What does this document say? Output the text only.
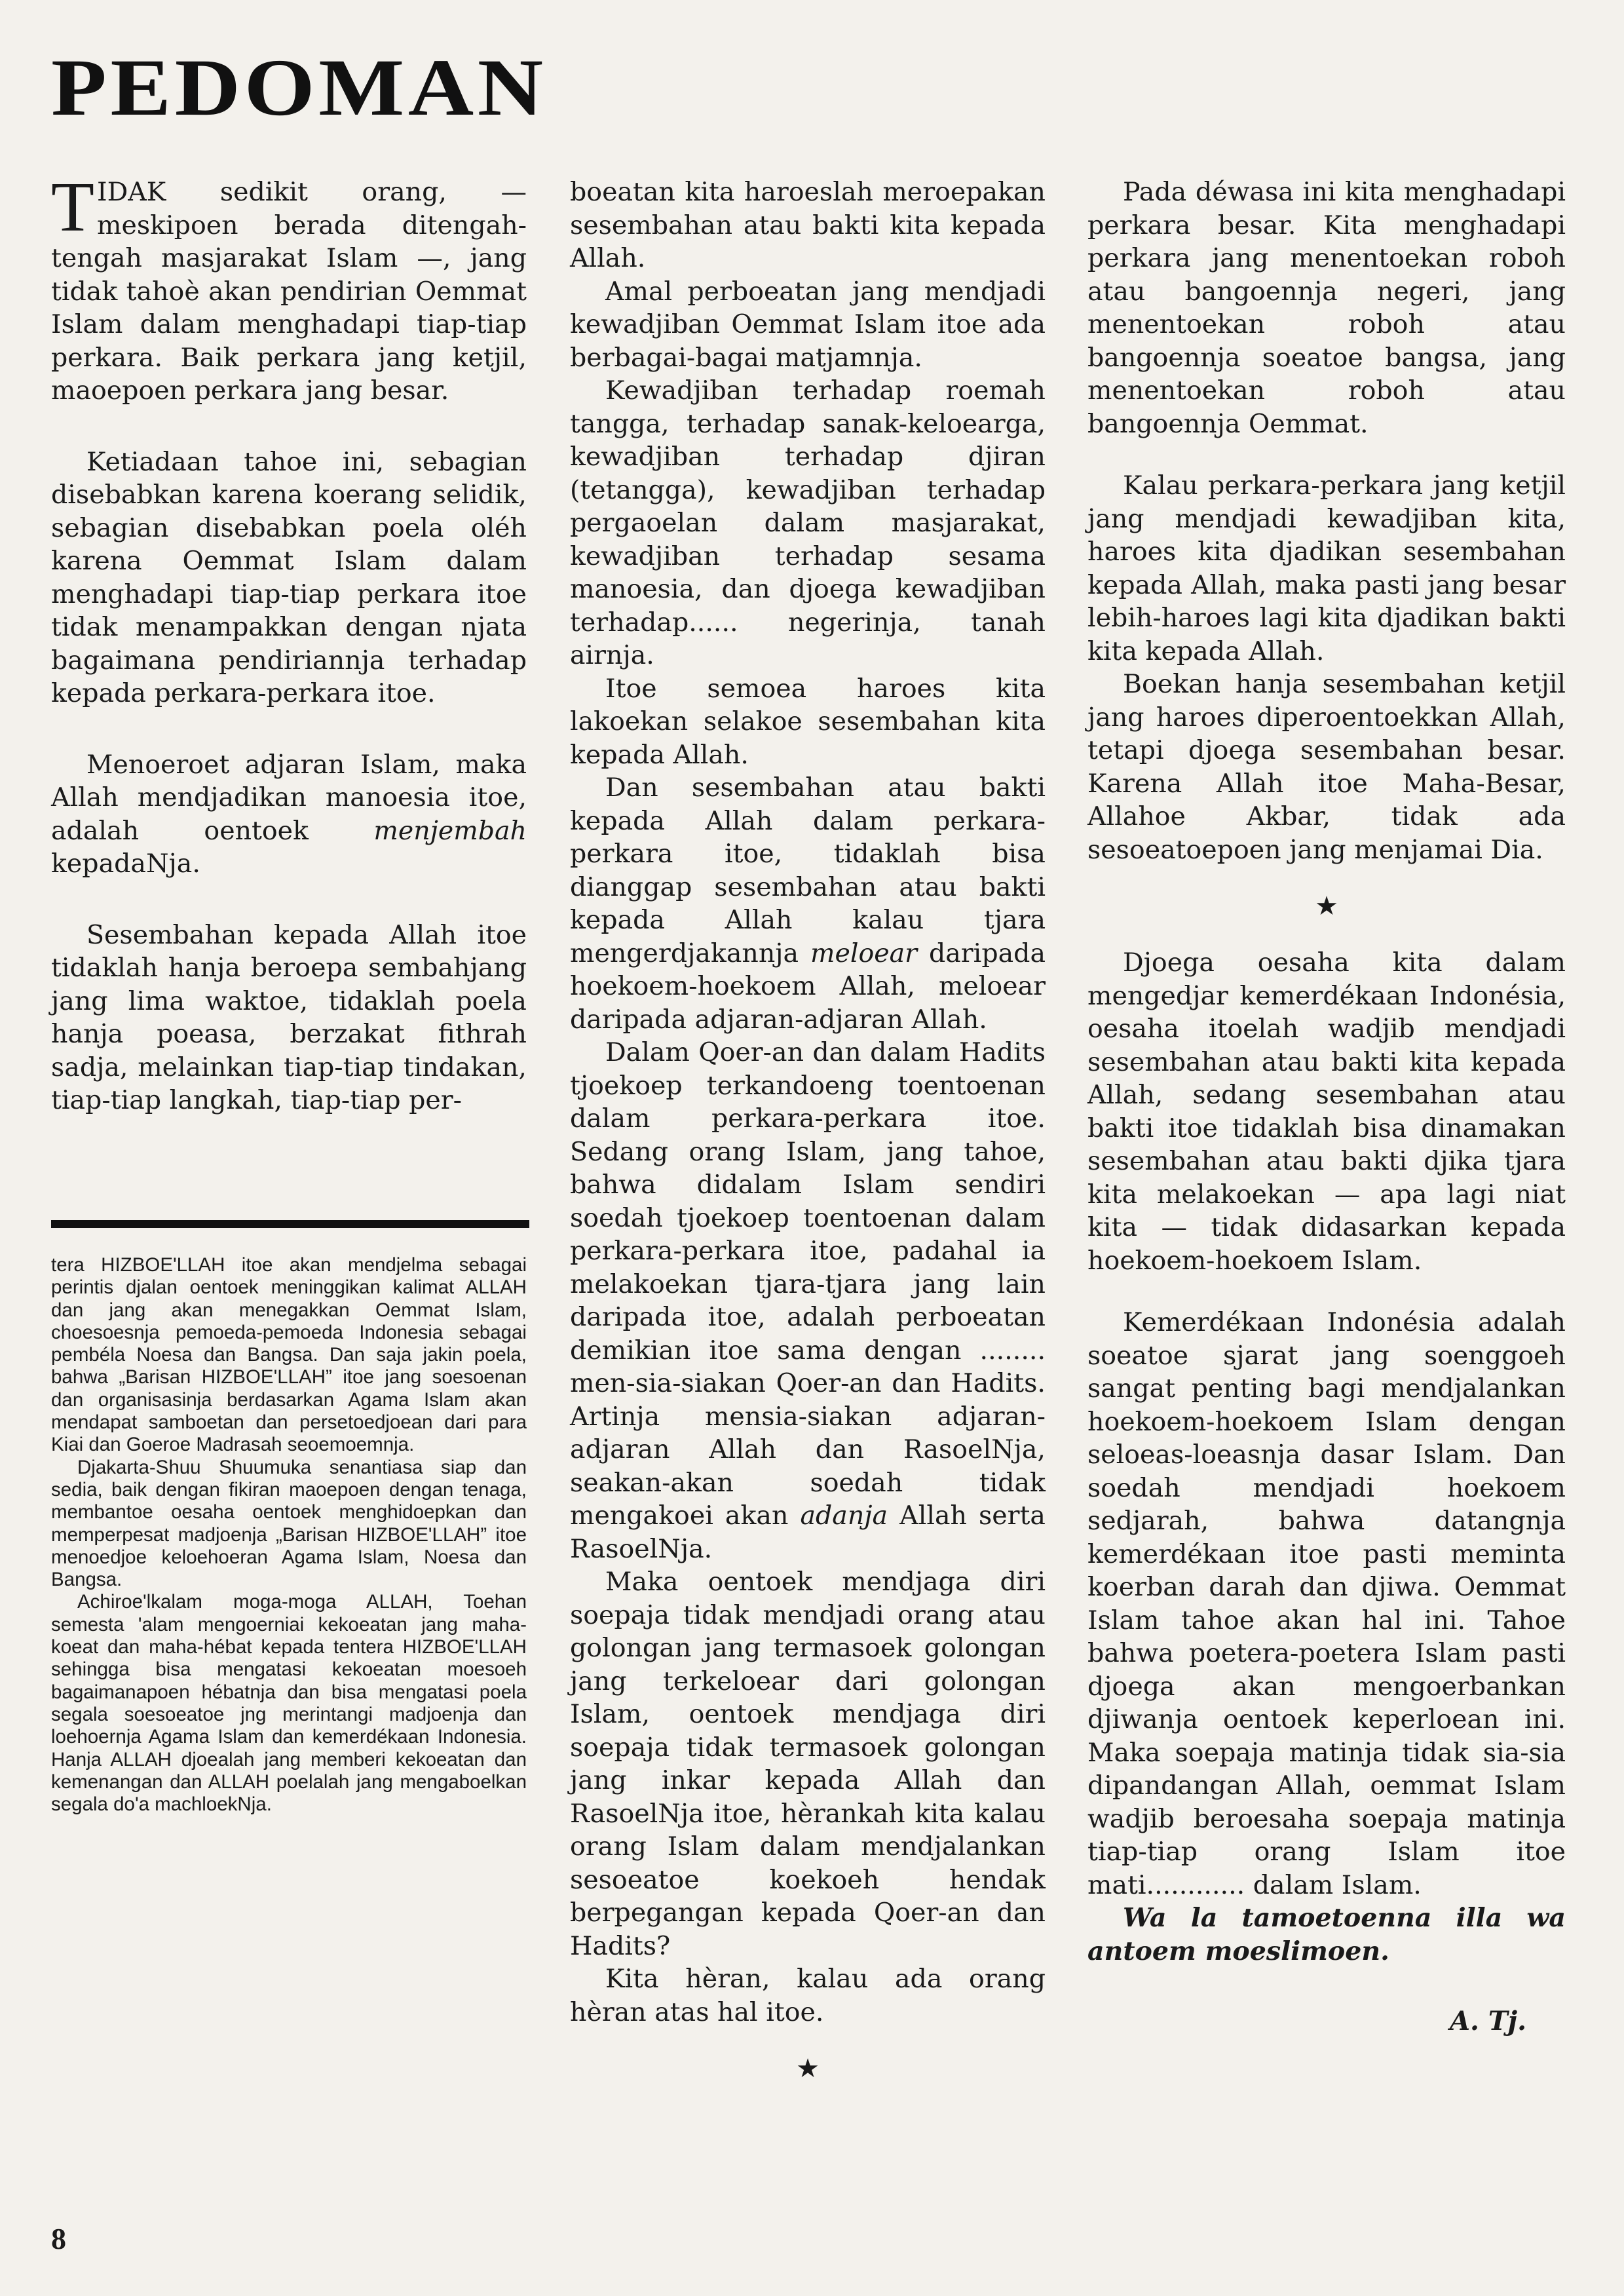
PEDOMAN

TIDAK sedikit orang, — meskipoen berada ditengah-tengah masjarakat Islam —, jang tidak tahoè akan pendirian Oemmat Islam dalam menghadapi tiap-tiap perkara. Baik perkara jang ketjil, maoepoen perkara jang besar.

Ketiadaan tahoe ini, sebagian disebabkan karena koerang selidik, sebagian disebabkan poela oléh karena Oemmat Islam dalam menghadapi tiap-tiap perkara itoe tidak menampakkan dengan njata bagaimana pendiriannja terhadap kepada perkara-perkara itoe.

Menoeroet adjaran Islam, maka Allah mendjadikan manoesia itoe, adalah oentoek menjembah kepadaNja.

Sesembahan kepada Allah itoe tidaklah hanja beroepa sembahjang jang lima waktoe, tidaklah poela hanja poeasa, berzakat fithrah sadja, melainkan tiap-tiap tindakan, tiap-tiap langkah, tiap-tiap per-

tera HIZBOE'LLAH itoe akan mendjelma sebagai perintis djalan oentoek meninggikan kalimat ALLAH dan jang akan menegakkan Oemmat Islam, choesoesnja pemoeda-pemoeda Indonesia sebagai pembéla Noesa dan Bangsa. Dan saja jakin poela, bahwa „Barisan HIZBOE'LLAH” itoe jang soesoenan dan organisasinja berdasarkan Agama Islam akan mendapat samboetan dan persetoedjoean dari para Kiai dan Goeroe Madrasah seoemoemnja.

Djakarta-Shuu Shuumuka senantiasa siap dan sedia, baik dengan fikiran maoepoen dengan tenaga, membantoe oesaha oentoek menghidoepkan dan memperpesat madjoenja „Barisan HIZBOE'LLAH” itoe menoedjoe keloehoeran Agama Islam, Noesa dan Bangsa.

Achiroe'lkalam moga-moga ALLAH, Toehan semesta 'alam mengoerniai kekoeatan jang maha-koeat dan maha-hébat kepada tentera HIZBOE'LLAH sehingga bisa mengatasi kekoeatan moesoeh bagaimanapoen hébatnja dan bisa mengatasi poela segala soesoeatoe jng merintangi madjoenja dan loehoernja Agama Islam dan kemerdékaan Indonesia. Hanja ALLAH djoealah jang memberi kekoeatan dan kemenangan dan ALLAH poelalah jang mengaboelkan segala do'a machloekNja.

boeatan kita haroeslah meroepakan sesembahan atau bakti kita kepada Allah.

Amal perboeatan jang mendjadi kewadjiban Oemmat Islam itoe ada berbagai-bagai matjamnja.

Kewadjiban terhadap roemah tangga, terhadap sanak-keloearga, kewadjiban terhadap djiran (tetangga), kewadjiban terhadap pergaoelan dalam masjarakat, kewadjiban terhadap sesama manoesia, dan djoega kewadjiban terhadap...... negerinja, tanah airnja.

Itoe semoea haroes kita lakoekan selakoe sesembahan kita kepada Allah.

Dan sesembahan atau bakti kepada Allah dalam perkara-perkara itoe, tidaklah bisa dianggap sesembahan atau bakti kepada Allah kalau tjara mengerdjakannja meloear daripada hoekoem-hoekoem Allah, meloear daripada adjaran-adjaran Allah.

Dalam Qoer-an dan dalam Hadits tjoekoep terkandoeng toentoenan dalam perkara-perkara itoe. Sedang orang Islam, jang tahoe, bahwa didalam Islam sendiri soedah tjoekoep toentoenan dalam perkara-perkara itoe, padahal ia melakoekan tjara-tjara jang lain daripada itoe, adalah perboeatan demikian itoe sama dengan ........ men-sia-siakan Qoer-an dan Hadits. Artinja mensia-siakan adjaran-adjaran Allah dan RasoelNja, seakan-akan soedah tidak mengakoei akan adanja Allah serta RasoelNja.

Maka oentoek mendjaga diri soepaja tidak mendjadi orang atau golongan jang termasoek golongan jang terkeloear dari golongan Islam, oentoek mendjaga diri soepaja tidak termasoek golongan jang inkar kepada Allah dan RasoelNja itoe, hèrankah kita kalau orang Islam dalam mendjalankan sesoeatoe koekoeh hendak berpegangan kepada Qoer-an dan Hadits?

Kita hèran, kalau ada orang hèran atas hal itoe.

★

Pada déwasa ini kita menghadapi perkara besar. Kita menghadapi perkara jang menentoekan roboh atau bangoennja negeri, jang menentoekan roboh atau bangoennja soeatoe bangsa, jang menentoekan roboh atau bangoennja Oemmat.

Kalau perkara-perkara jang ketjil jang mendjadi kewadjiban kita, haroes kita djadikan sesembahan kepada Allah, maka pasti jang besar lebih-haroes lagi kita djadikan bakti kita kepada Allah.

Boekan hanja sesembahan ketjil jang haroes diperoentoekkan Allah, tetapi djoega sesembahan besar. Karena Allah itoe Maha-Besar, Allahoe Akbar, tidak ada sesoeatoepoen jang menjamai Dia.

★

Djoega oesaha kita dalam mengedjar kemerdékaan Indonésia, oesaha itoelah wadjib mendjadi sesembahan atau bakti kita kepada Allah, sedang sesembahan atau bakti itoe tidaklah bisa dinamakan sesembahan atau bakti djika tjara kita melakoekan — apa lagi niat kita — tidak didasarkan kepada hoekoem-hoekoem Islam.

Kemerdékaan Indonésia adalah soeatoe sjarat jang soenggoeh sangat penting bagi mendjalankan hoekoem-hoekoem Islam dengan seloeas-loeasnja dasar Islam. Dan soedah mendjadi hoekoem sedjarah, bahwa datangnja kemerdékaan itoe pasti meminta koerban darah dan djiwa. Oemmat Islam tahoe akan hal ini. Tahoe bahwa poetera-poetera Islam pasti djoega akan mengoerbankan djiwanja oentoek keperloean ini. Maka soepaja matinja tidak sia-sia dipandangan Allah, oemmat Islam wadjib beroesaha soepaja matinja tiap-tiap orang Islam itoe mati............ dalam Islam.

Wa la tamoetoenna illa wa antoem moeslimoen.

A. Tj.
8
